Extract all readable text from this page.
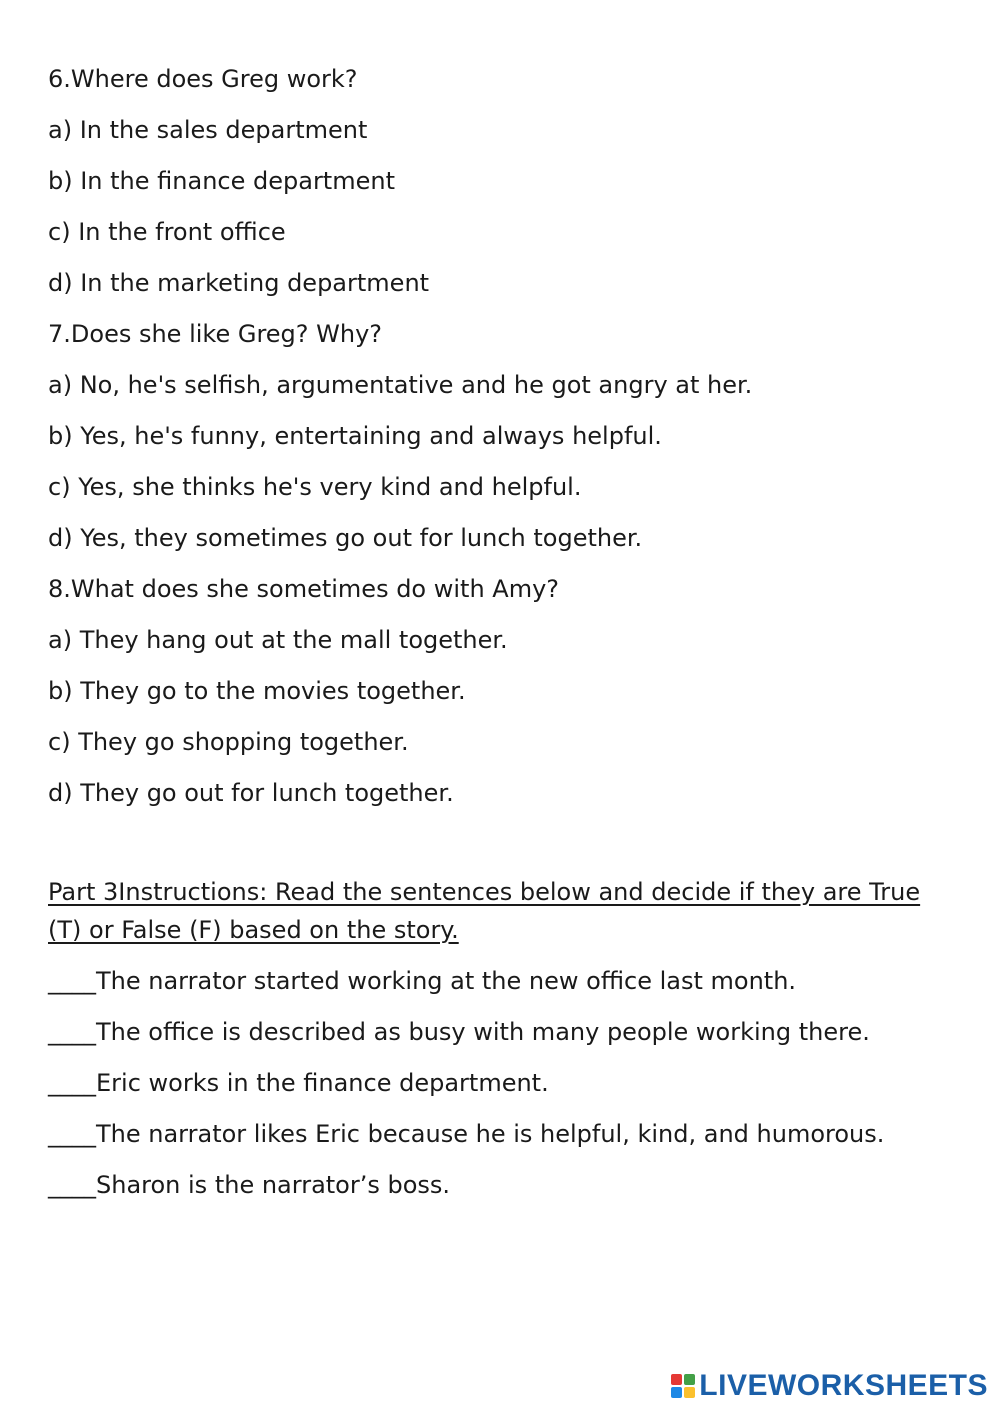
6.Where does Greg work?
a) In the sales department
b) In the finance department
c) In the front office
d) In the marketing department
7.Does she like Greg? Why?
a) No, he's selfish, argumentative and he got angry at her.
b) Yes, he's funny, entertaining and always helpful.
c) Yes, she thinks he's very kind and helpful.
d) Yes, they sometimes go out for lunch together.
8.What does she sometimes do with Amy?
a) They hang out at the mall together.
b) They go to the movies together.
c) They go shopping together.
d) They go out for lunch together.
Part 3Instructions: Read the sentences below and decide if they are True (T) or False (F) based on the story.
____The narrator started working at the new office last month.
____The office is described as busy with many people working there.
____Eric works in the finance department.
____The narrator likes Eric because he is helpful, kind, and humorous.
____Sharon is the narrator’s boss.
LIVEWORKSHEETS
